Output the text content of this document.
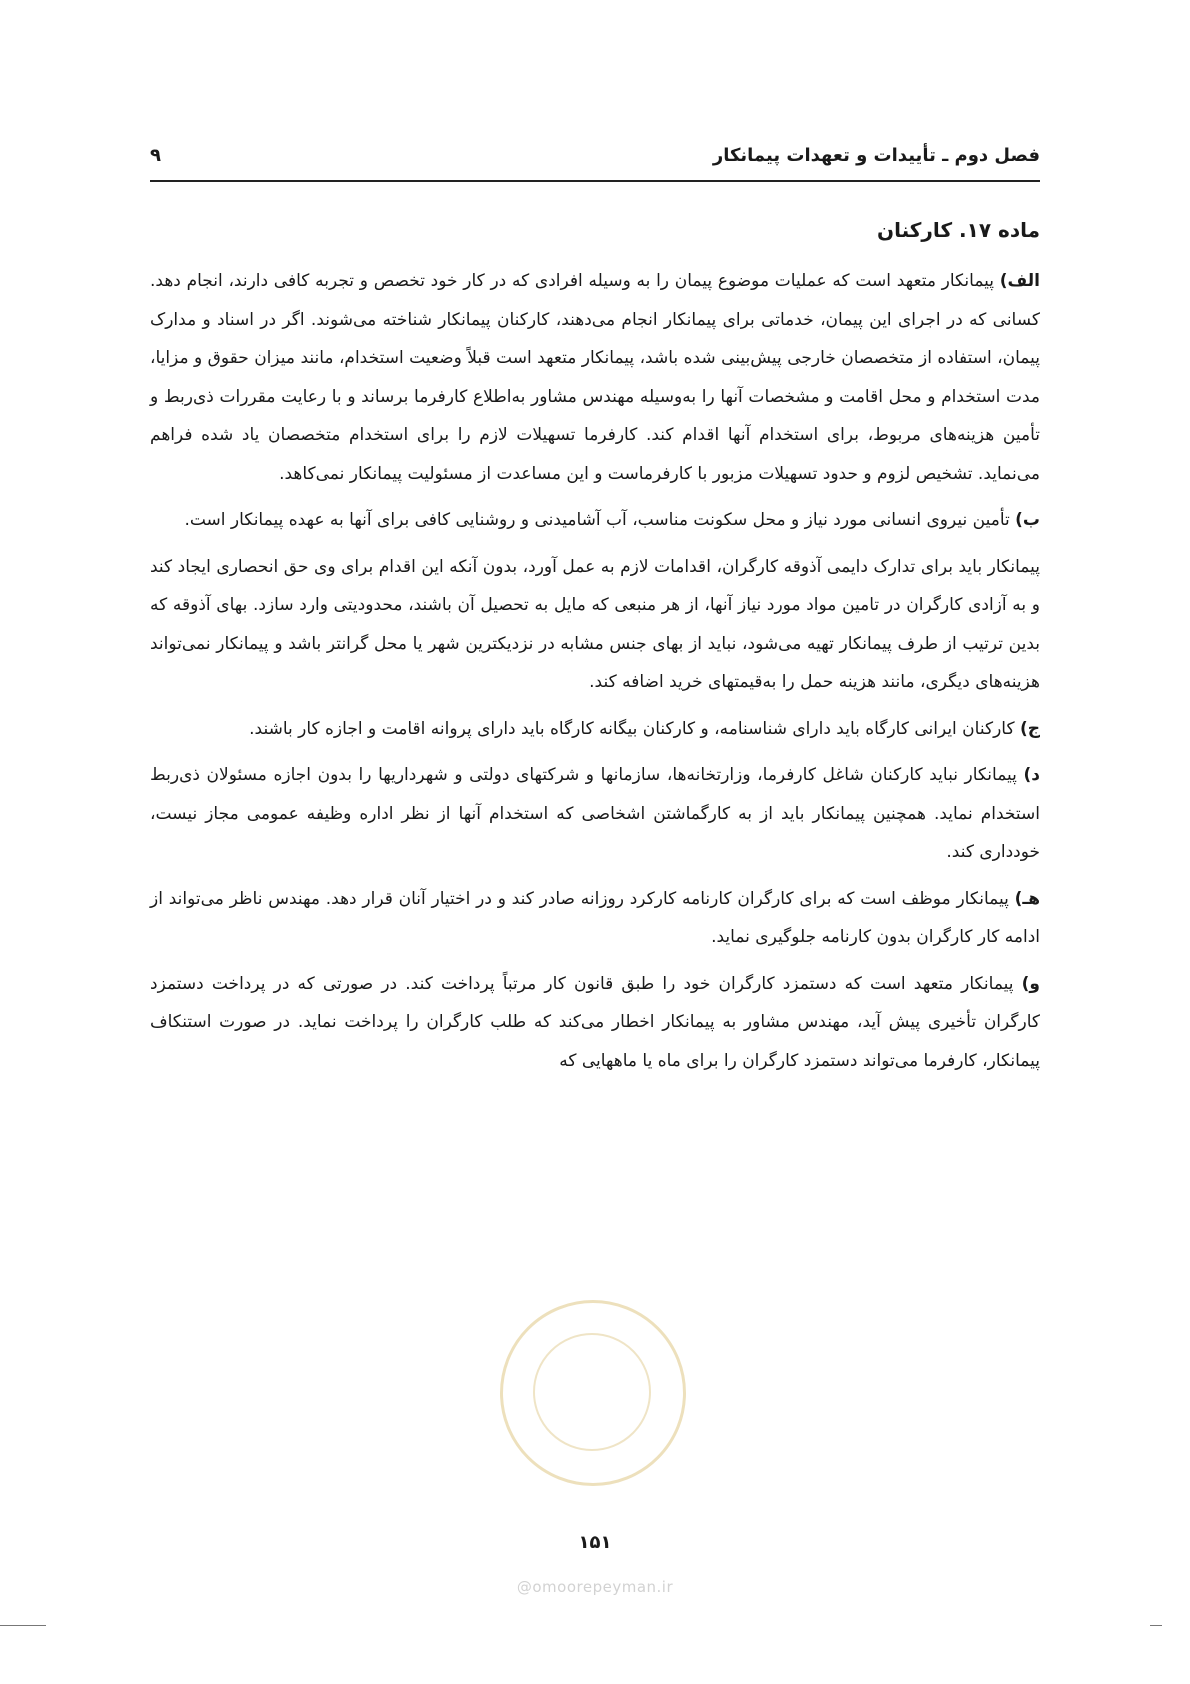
فصل دوم ـ تأییدات و تعهدات پیمانکار
۹
ماده ۱۷. کارکنان

الف) پیمانکار متعهد است که عملیات موضوع پیمان را به وسیله افرادی که در کار خود تخصص و تجربه کافی دارند، انجام دهد. کسانی که در اجرای این پیمان، خدماتی برای پیمانکار انجام می‌دهند، کارکنان پیمانکار شناخته می‌شوند. اگر در اسناد و مدارک پیمان، استفاده از متخصصان خارجی پیش‌بینی شده باشد، پیمانکار متعهد است قبلاً وضعیت استخدام، مانند میزان حقوق و مزایا، مدت استخدام و محل اقامت و مشخصات آنها را به‌وسیله مهندس مشاور به‌اطلاع کارفرما برساند و با رعایت مقررات ذی‌ربط و تأمین هزینه‌های مربوط، برای استخدام آنها اقدام کند. کارفرما تسهیلات لازم را برای استخدام متخصصان یاد شده فراهم می‌نماید. تشخیص لزوم و حدود تسهیلات مزبور با کارفرماست و این مساعدت از مسئولیت پیمانکار نمی‌کاهد.

ب) تأمین نیروی انسانی مورد نیاز و محل سکونت مناسب، آب آشامیدنی و روشنایی کافی برای آنها به عهده پیمانکار است.

پیمانکار باید برای تدارک دایمی آذوقه کارگران، اقدامات لازم به عمل آورد، بدون آنکه این اقدام برای وی حق انحصاری ایجاد کند و به آزادی کارگران در تامین مواد مورد نیاز آنها، از هر منبعی که مایل به تحصیل آن باشند، محدودیتی وارد سازد. بهای آذوقه که بدین ترتیب از طرف پیمانکار تهیه می‌شود، نباید از بهای جنس مشابه در نزدیکترین شهر یا محل گرانتر باشد و پیمانکار نمی‌تواند هزینه‌های دیگری، مانند هزینه حمل را به‌قیمتهای خرید اضافه کند.

ج) کارکنان ایرانی کارگاه باید دارای شناسنامه، و کارکنان بیگانه کارگاه باید دارای پروانه اقامت و اجازه کار باشند.

د) پیمانکار نباید کارکنان شاغل کارفرما، وزارتخانه‌ها، سازمانها و شرکتهای دولتی و شهرداریها را بدون اجازه مسئولان ذی‌ربط استخدام نماید. همچنین پیمانکار باید از به کارگماشتن اشخاصی که استخدام آنها از نظر اداره وظیفه عمومی مجاز نیست، خودداری کند.

هـ) پیمانکار موظف است که برای کارگران کارنامه کارکرد روزانه صادر کند و در اختیار آنان قرار دهد. مهندس ناظر می‌تواند از ادامه کار کارگران بدون کارنامه جلوگیری نماید.

و) پیمانکار متعهد است که دستمزد کارگران خود را طبق قانون کار مرتباً پرداخت کند. در صورتی که در پرداخت دستمزد کارگران تأخیری پیش آید، مهندس مشاور به پیمانکار اخطار می‌کند که طلب کارگران را پرداخت نماید. در صورت استنکاف پیمانکار، کارفرما می‌تواند دستمزد کارگران را برای ماه یا ماههایی که

۱۵۱
@omoorepeyman.ir
